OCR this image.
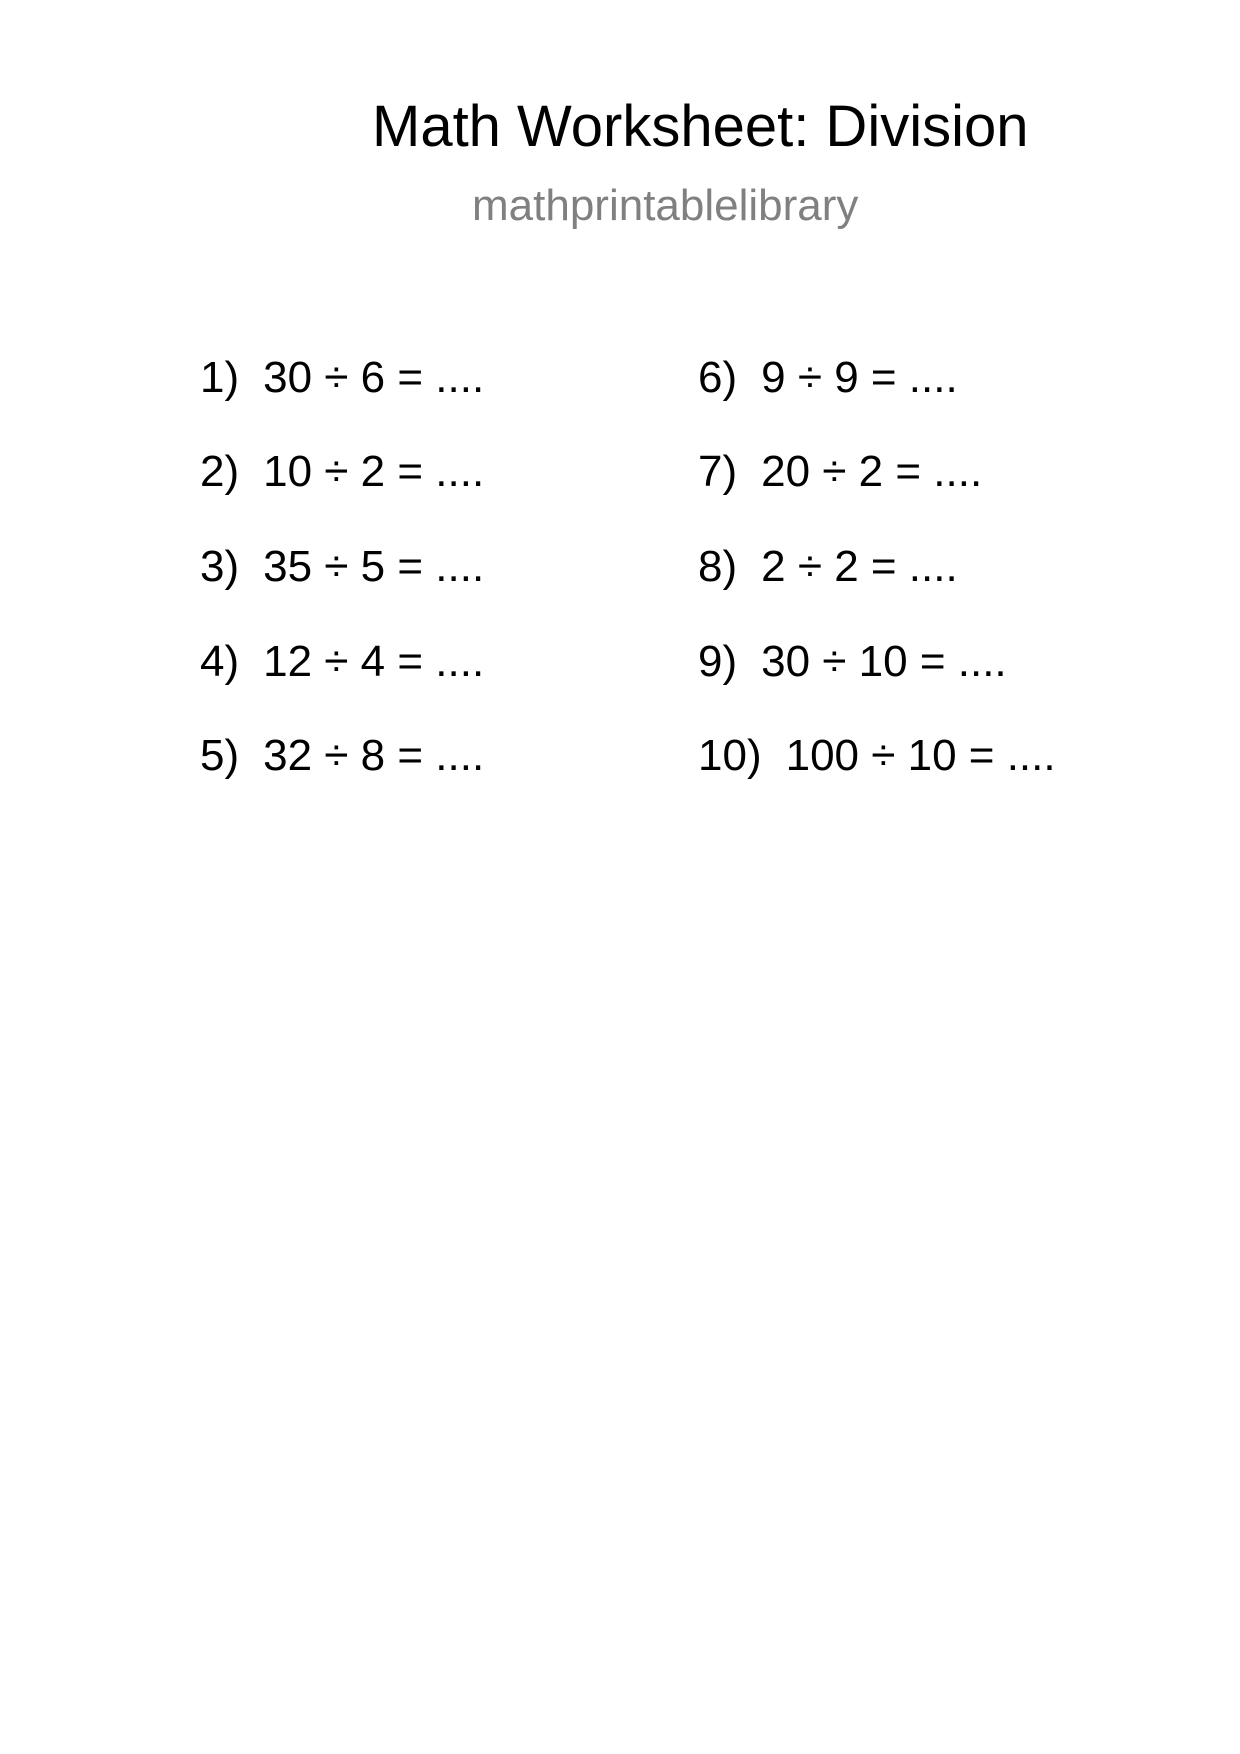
Math Worksheet: Division
mathprintablelibrary
1) 30 ÷ 6 = ....
2) 10 ÷ 2 = ....
3) 35 ÷ 5 = ....
4) 12 ÷ 4 = ....
5) 32 ÷ 8 = ....
6) 9 ÷ 9 = ....
7) 20 ÷ 2 = ....
8) 2 ÷ 2 = ....
9) 30 ÷ 10 = ....
10) 100 ÷ 10 = ....
